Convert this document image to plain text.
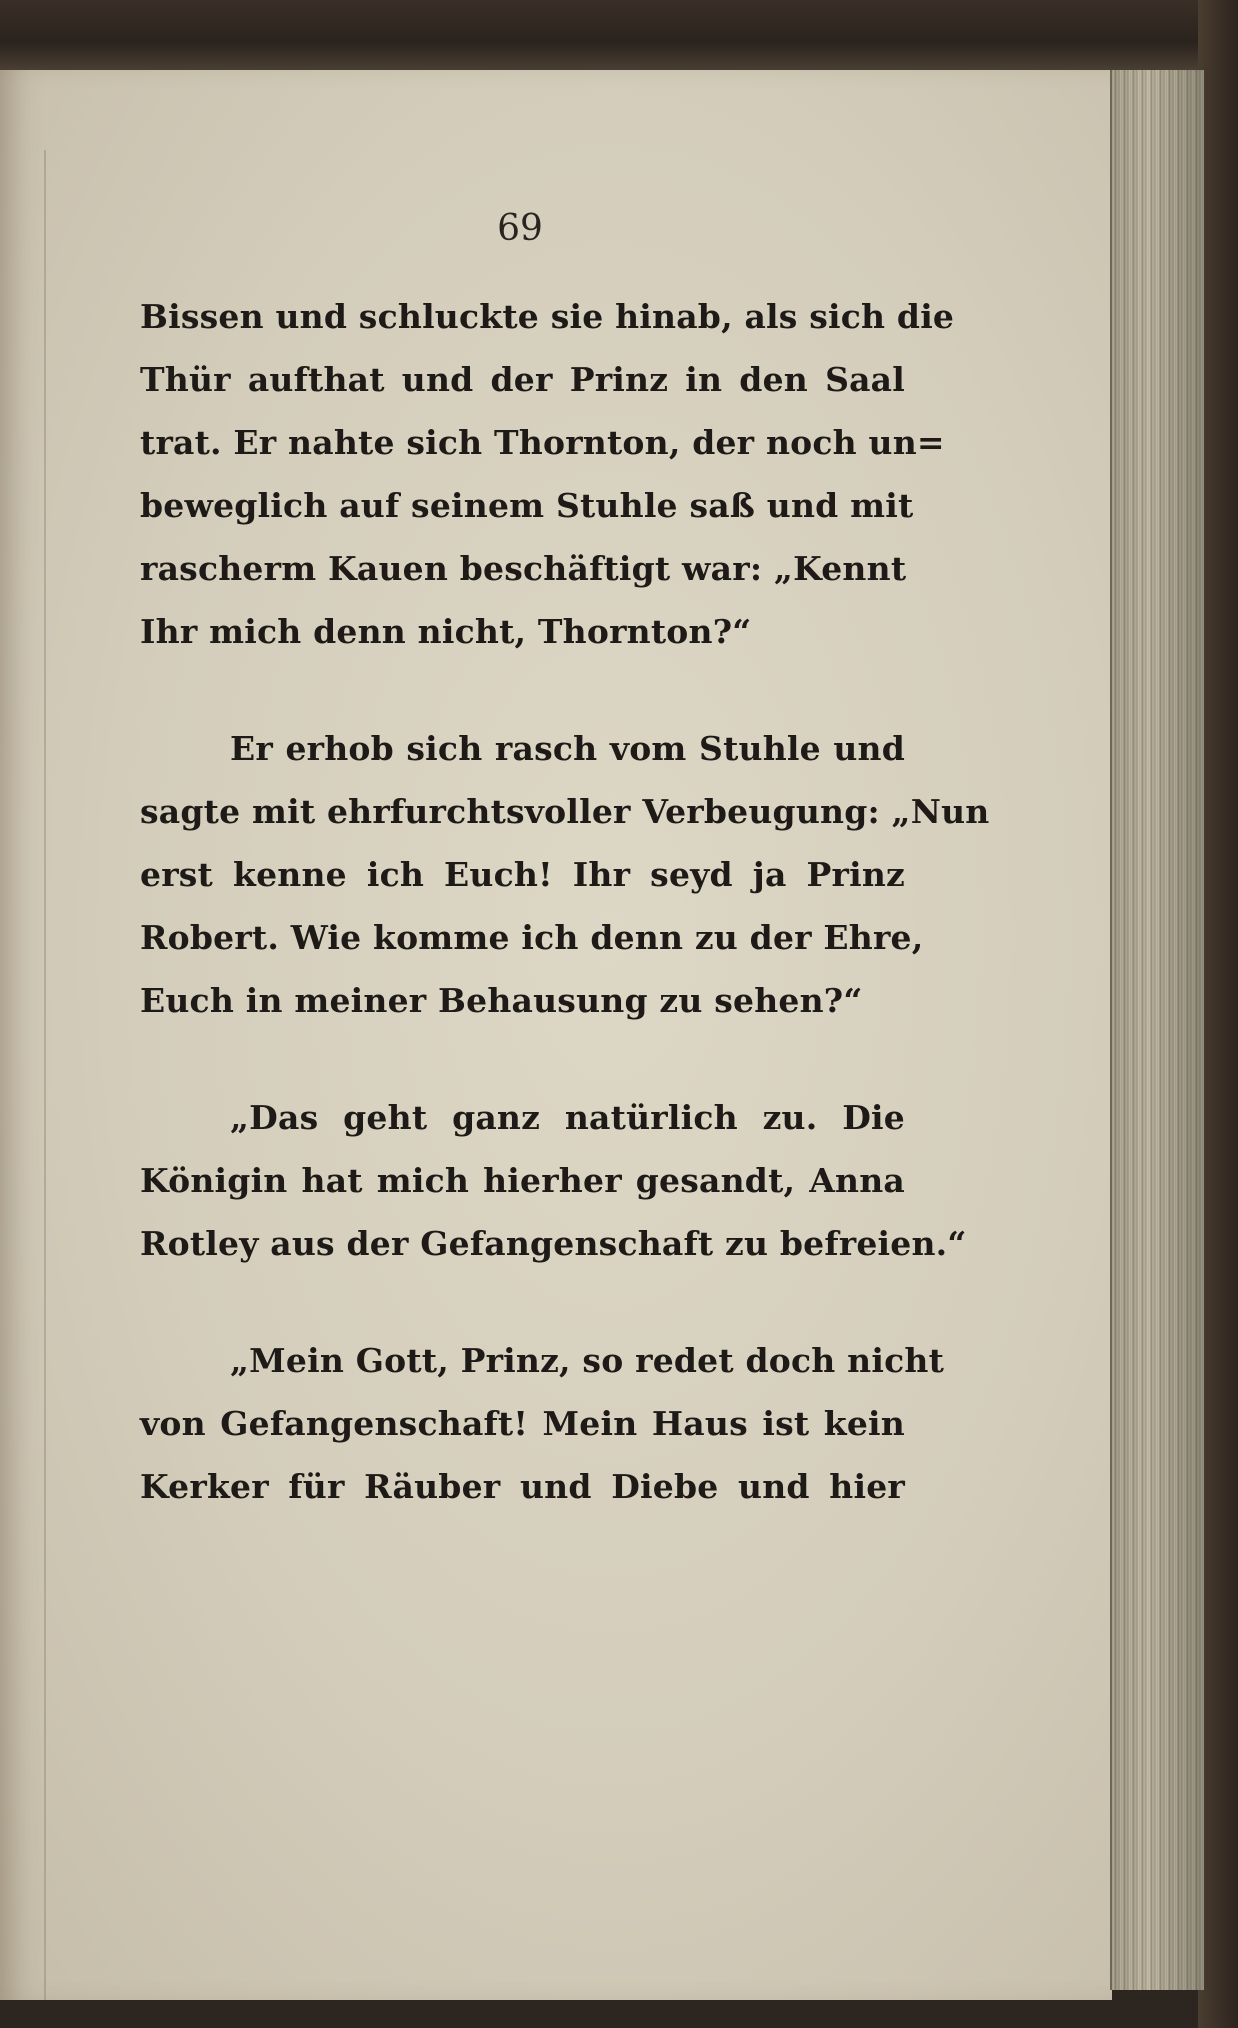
69
Bissen und schluckte sie hinab, als sich die
Thür aufthat und der Prinz in den Saal
trat. Er nahte sich Thornton, der noch un=
beweglich auf seinem Stuhle saß und mit
rascherm Kauen beschäftigt war: „Kennt
Ihr mich denn nicht, Thornton?“
Er erhob sich rasch vom Stuhle und
sagte mit ehrfurchtsvoller Verbeugung: „Nun
erst kenne ich Euch! Ihr seyd ja Prinz
Robert. Wie komme ich denn zu der Ehre,
Euch in meiner Behausung zu sehen?“
„Das geht ganz natürlich zu. Die
Königin hat mich hierher gesandt, Anna
Rotley aus der Gefangenschaft zu befreien.“
„Mein Gott, Prinz, so redet doch nicht
von Gefangenschaft! Mein Haus ist kein
Kerker für Räuber und Diebe und hier
